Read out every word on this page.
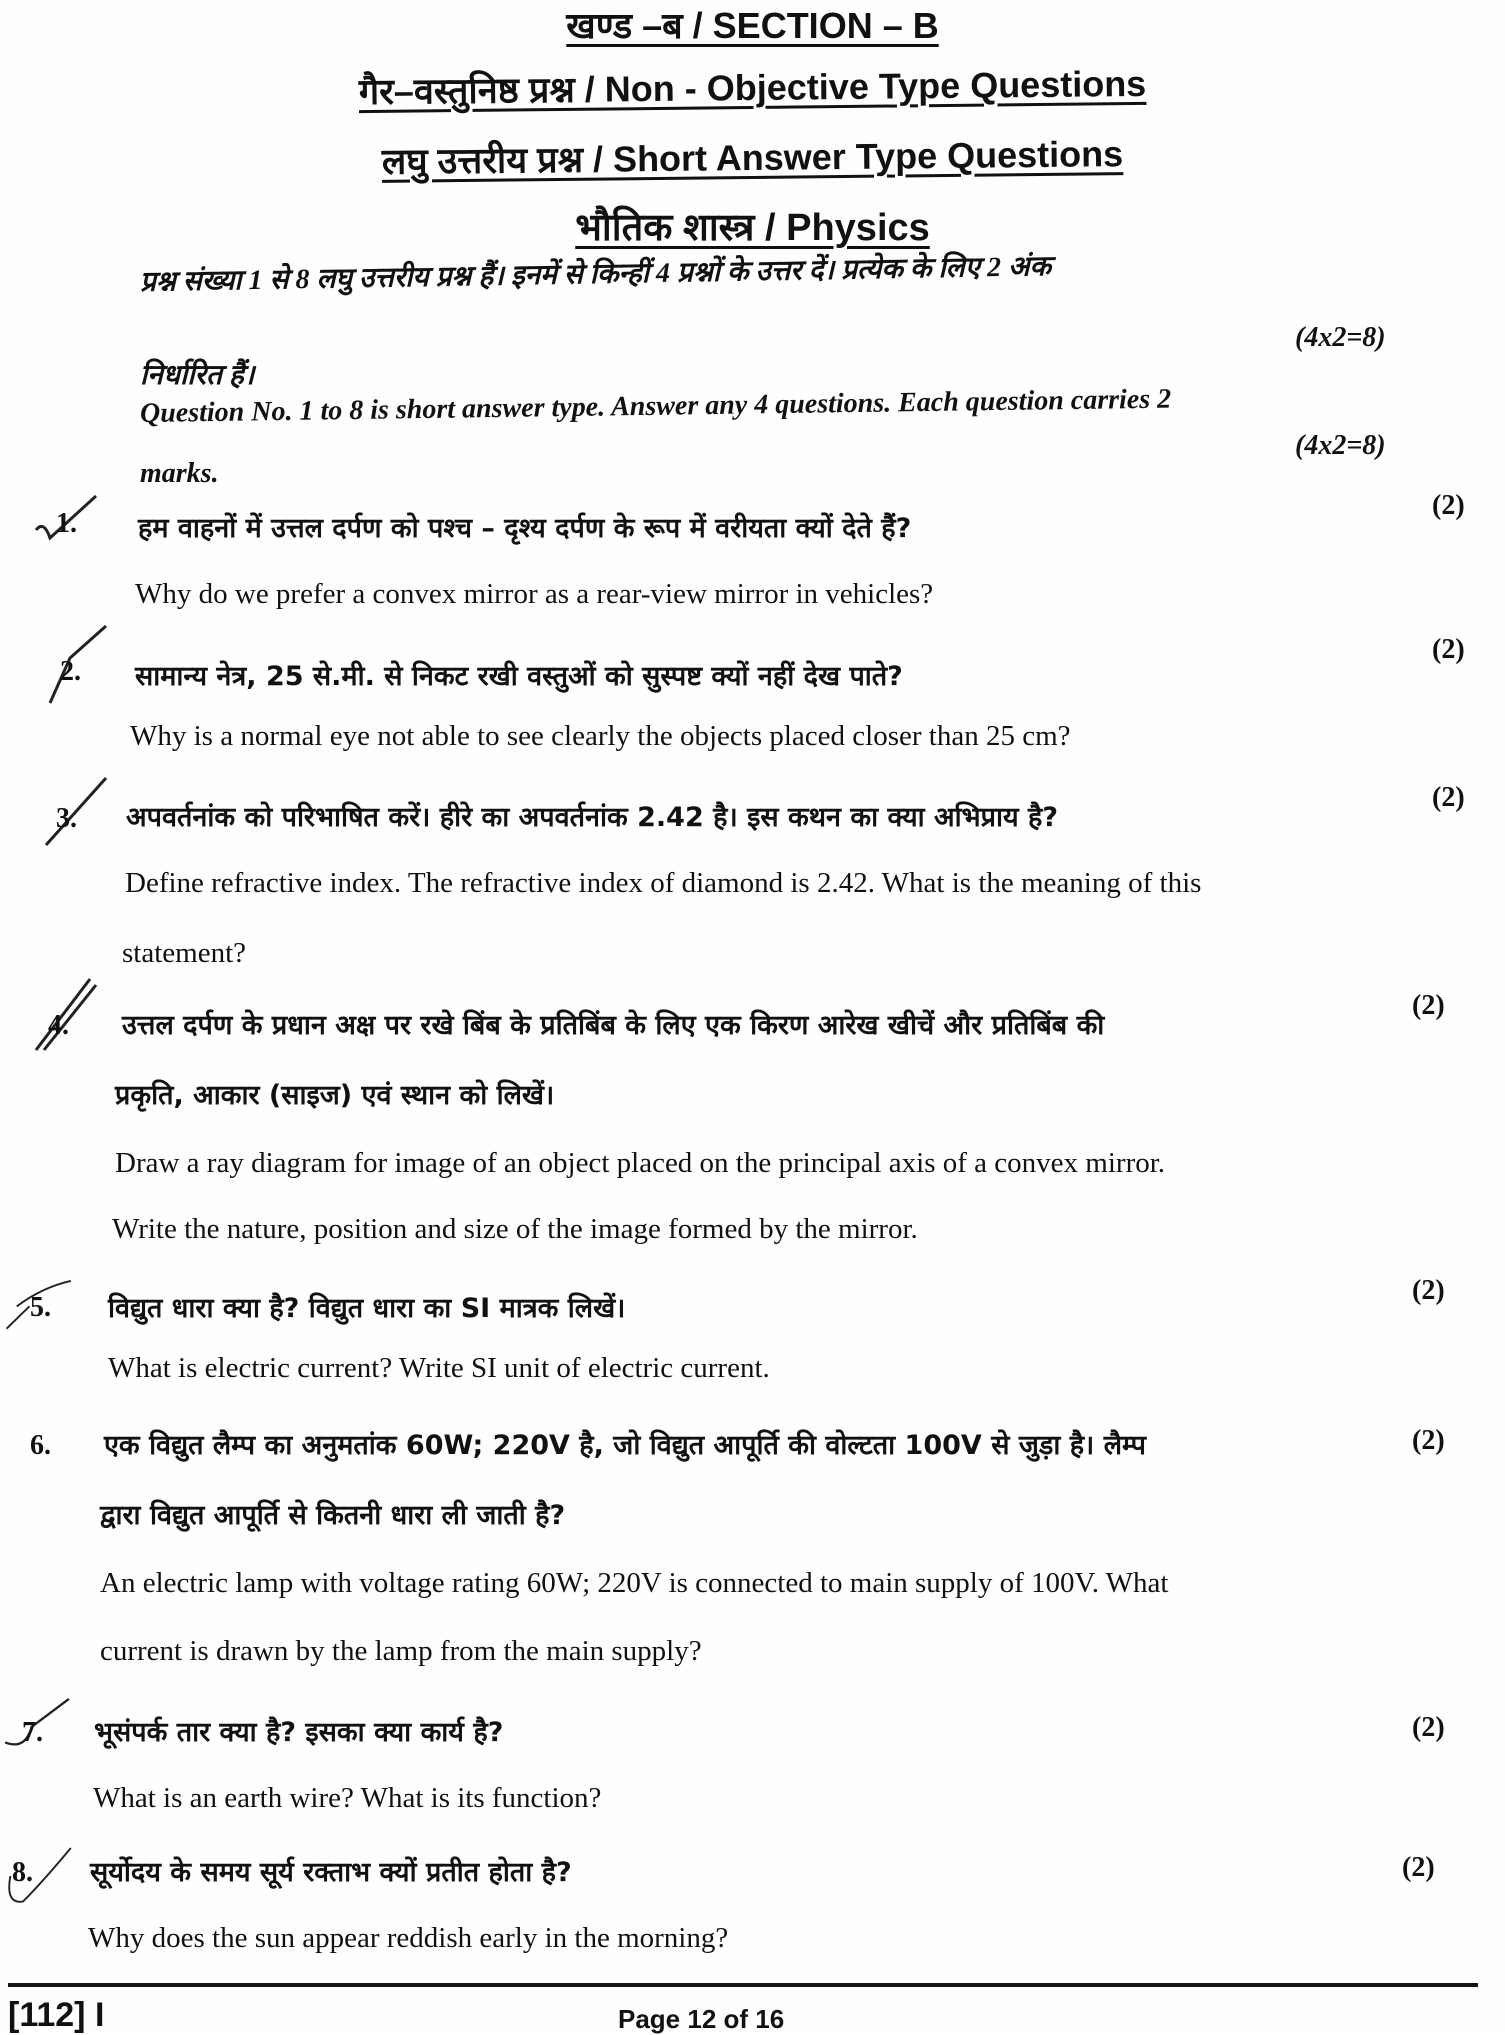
खण्ड –ब / SECTION – B
गैर–वस्तुनिष्ठ प्रश्न / Non - Objective Type Questions
लघु उत्तरीय प्रश्न / Short Answer Type Questions
भौतिक शास्त्र / Physics
प्रश्न संख्या 1 से 8 लघु उत्तरीय प्रश्न हैं। इनमें से किन्हीं 4 प्रश्नों के उत्तर दें। प्रत्येक के लिए 2 अंक
(4x2=8)
निर्धारित हैं।
Question No. 1 to 8 is short answer type. Answer any 4 questions. Each question carries 2
(4x2=8)
marks.
1. हम वाहनों में उत्तल दर्पण को पश्च – दृश्य दर्पण के रूप में वरीयता क्यों देते हैं?
(2)
Why do we prefer a convex mirror as a rear-view mirror in vehicles?
2. सामान्य नेत्र, 25 से.मी. से निकट रखी वस्तुओं को सुस्पष्ट क्यों नहीं देख पाते?
(2)
Why is a normal eye not able to see clearly the objects placed closer than 25 cm?
3. अपवर्तनांक को परिभाषित करें। हीरे का अपवर्तनांक 2.42 है। इस कथन का क्या अभिप्राय है?
(2)
Define refractive index. The refractive index of diamond is 2.42. What is the meaning of this
statement?
4. उत्तल दर्पण के प्रधान अक्ष पर रखे बिंब के प्रतिबिंब के लिए एक किरण आरेख खीचें और प्रतिबिंब की
(2)
प्रकृति, आकार (साइज) एवं स्थान को लिखें।
Draw a ray diagram for image of an object placed on the principal axis of a convex mirror.
Write the nature, position and size of the image formed by the mirror.
5. विद्युत धारा क्या है? विद्युत धारा का SI मात्रक लिखें।
(2)
What is electric current? Write SI unit of electric current.
6. एक विद्युत लैम्प का अनुमतांक 60W; 220V है, जो विद्युत आपूर्ति की वोल्टता 100V से जुड़ा है। लैम्प	(2)
द्वारा विद्युत आपूर्ति से कितनी धारा ली जाती है?
An electric lamp with voltage rating 60W; 220V is connected to main supply of 100V. What
current is drawn by the lamp from the main supply?
7. भूसंपर्क तार क्या है? इसका क्या कार्य है?	(2)
What is an earth wire? What is its function?
8. सूर्योदय के समय सूर्य रक्ताभ क्यों प्रतीत होता है?	(2)
Why does the sun appear reddish early in the morning?
[112] I	Page 12 of 16
